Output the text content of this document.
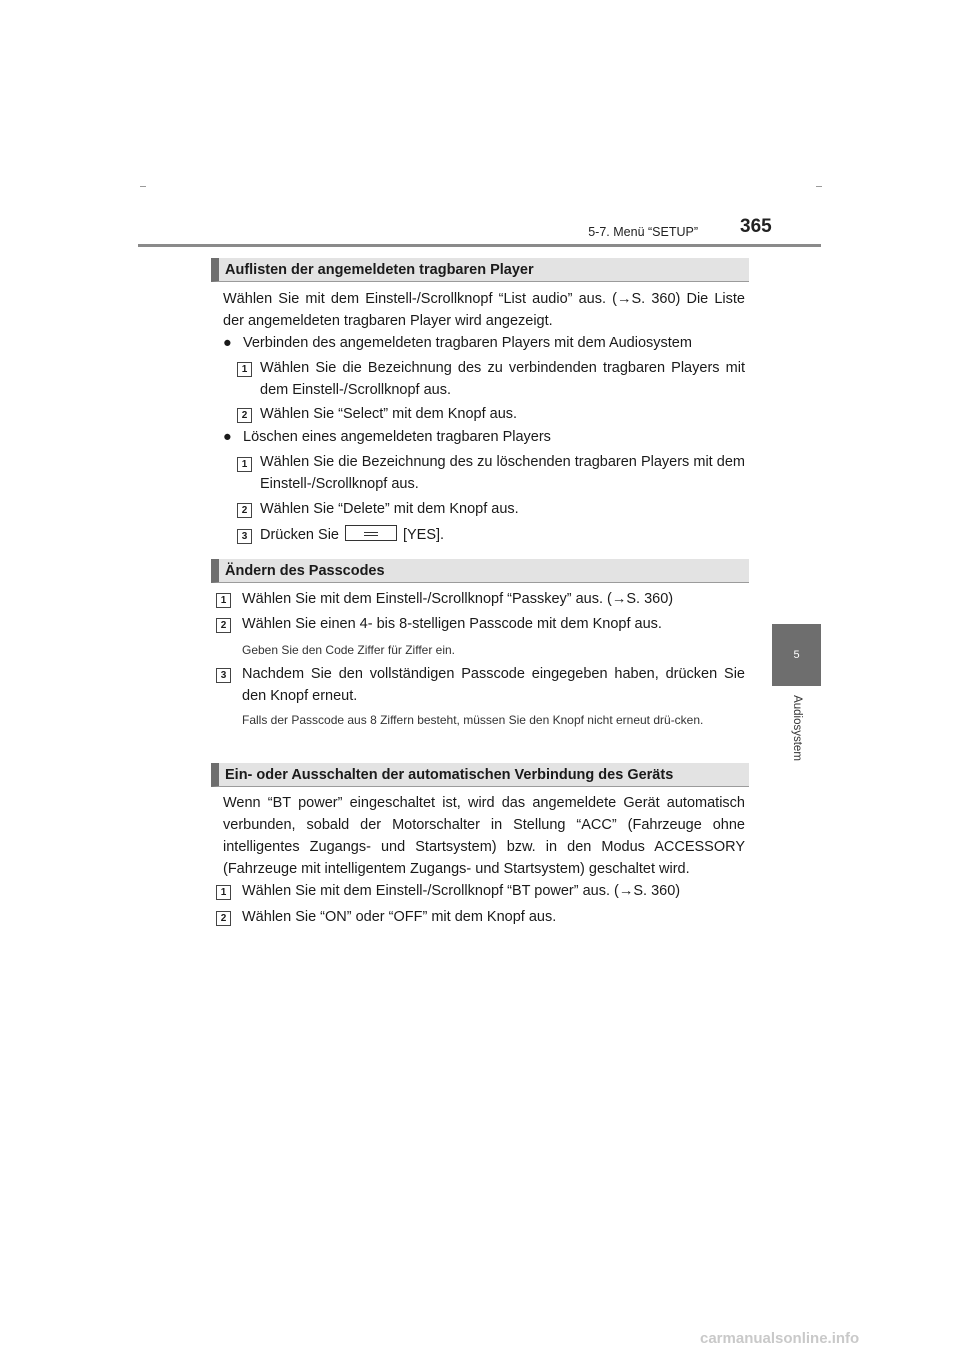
5-7. Menü “SETUP” 365
5
Audiosystem
Auflisten der angemeldeten tragbaren Player
Wählen Sie mit dem Einstell-/Scrollknopf “List audio” aus. (→S. 360) Die Liste der angemeldeten tragbaren Player wird angezeigt.
● Verbinden des angemeldeten tragbaren Players mit dem Audiosystem
1 Wählen Sie die Bezeichnung des zu verbindenden tragbaren Players mit dem Einstell-/Scrollknopf aus.
2 Wählen Sie “Select” mit dem Knopf aus.
● Löschen eines angemeldeten tragbaren Players
1 Wählen Sie die Bezeichnung des zu löschenden tragbaren Players mit dem Einstell-/Scrollknopf aus.
2 Wählen Sie “Delete” mit dem Knopf aus.
3 Drücken Sie	[YES].
Ändern des Passcodes
1	Wählen Sie mit dem Einstell-/Scrollknopf “Passkey” aus. (→S. 360)
2	Wählen Sie einen 4- bis 8-stelligen Passcode mit dem Knopf aus.
Geben Sie den Code Ziffer für Ziffer ein.
3	Nachdem Sie den vollständigen Passcode eingegeben haben, drücken Sie den Knopf erneut.
Falls der Passcode aus 8 Ziffern besteht, müssen Sie den Knopf nicht erneut drü-cken.
Ein- oder Ausschalten der automatischen Verbindung des Geräts
Wenn “BT power” eingeschaltet ist, wird das angemeldete Gerät automatisch verbunden, sobald der Motorschalter in Stellung “ACC” (Fahrzeuge ohne intelligentes Zugangs- und Startsystem) bzw. in den Modus ACCESSORY (Fahrzeuge mit intelligentem Zugangs- und Startsystem) geschaltet wird.
1	Wählen Sie mit dem Einstell-/Scrollknopf “BT power” aus. (→S. 360)
2	Wählen Sie “ON” oder “OFF” mit dem Knopf aus.
carmanualsonline.info
